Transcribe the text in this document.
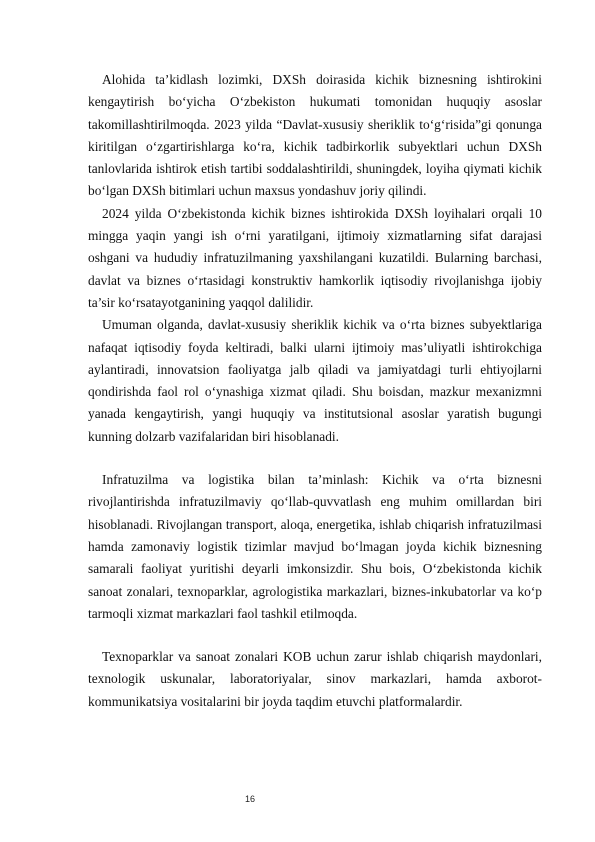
Alohida ta’kidlash lozimki, DXSh doirasida kichik biznesning ishtirokini kengaytirish bo‘yicha O‘zbekiston hukumati tomonidan huquqiy asoslar takomillashtirilmoqda. 2023 yilda “Davlat-xususiy sheriklik to‘g‘risida”gi qonunga kiritilgan o‘zgartirishlarga ko‘ra, kichik tadbirkorlik subyektlari uchun DXSh tanlovlarida ishtirok etish tartibi soddalashtirildi, shuningdek, loyiha qiymati kichik bo‘lgan DXSh bitimlari uchun maxsus yondashuv joriy qilindi.

2024 yilda O‘zbekistonda kichik biznes ishtirokida DXSh loyihalari orqali 10 mingga yaqin yangi ish o‘rni yaratilgani, ijtimoiy xizmatlarning sifat darajasi oshgani va hududiy infratuzilmaning yaxshilangani kuzatildi. Bularning barchasi, davlat va biznes o‘rtasidagi konstruktiv hamkorlik iqtisodiy rivojlanishga ijobiy ta’sir ko‘rsatayotganining yaqqol dalilidir.

Umuman olganda, davlat-xususiy sheriklik kichik va o‘rta biznes subyektlariga nafaqat iqtisodiy foyda keltiradi, balki ularni ijtimoiy mas’uliyatli ishtirokchiga aylantiradi, innovatsion faoliyatga jalb qiladi va jamiyatdagi turli ehtiyojlarni qondirishda faol rol o‘ynashiga xizmat qiladi. Shu boisdan, mazkur mexanizmni yanada kengaytirish, yangi huquqiy va institutsional asoslar yaratish bugungi kunning dolzarb vazifalaridan biri hisoblanadi.

Infratuzilma va logistika bilan ta’minlash: Kichik va o‘rta biznesni rivojlantirishda infratuzilmaviy qo‘llab-quvvatlash eng muhim omillardan biri hisoblanadi. Rivojlangan transport, aloqa, energetika, ishlab chiqarish infratuzilmasi hamda zamonaviy logistik tizimlar mavjud bo‘lmagan joyda kichik biznesning samarali faoliyat yuritishi deyarli imkonsizdir. Shu bois, O‘zbekistonda kichik sanoat zonalari, texnoparklar, agrologistika markazlari, biznes-inkubatorlar va ko‘p tarmoqli xizmat markazlari faol tashkil etilmoqda.

Texnoparklar va sanoat zonalari KOB uchun zarur ishlab chiqarish maydonlari, texnologik uskunalar, laboratoriyalar, sinov markazlari, hamda axborot-kommunikatsiya vositalarini bir joyda taqdim etuvchi platformalardir.

16
